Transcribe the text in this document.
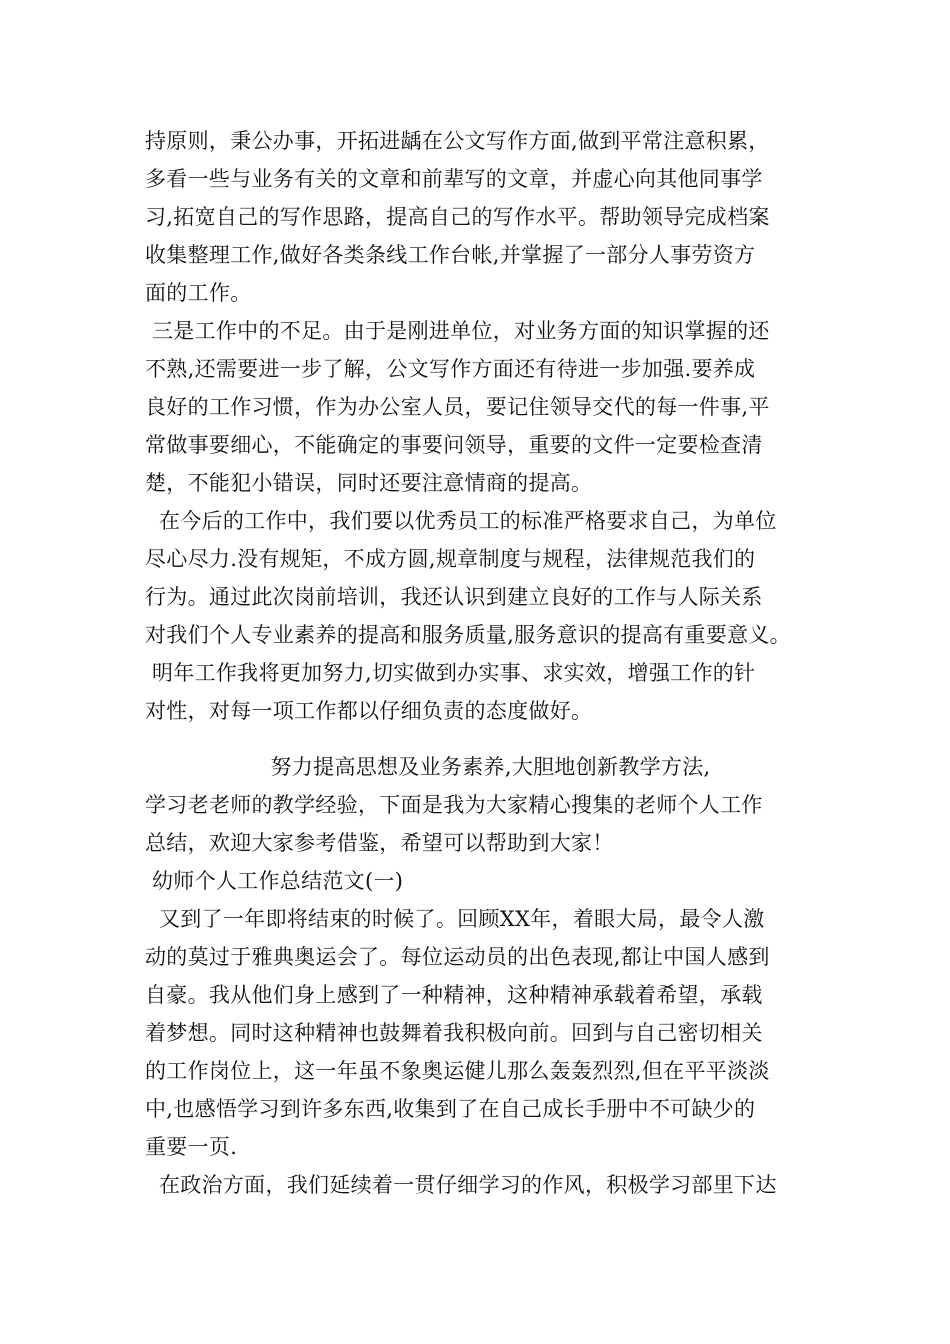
持原则，秉公办事，开拓进龋在公文写作方面,做到平常注意积累，
多看一些与业务有关的文章和前辈写的文章，并虚心向其他同事学
习,拓宽自己的写作思路，提高自己的写作水平。帮助领导完成档案
收集整理工作,做好各类条线工作台帐,并掌握了一部分人事劳资方
面的工作。
三是工作中的不足。由于是刚进单位，对业务方面的知识掌握的还
不熟,还需要进一步了解，公文写作方面还有待进一步加强.要养成
良好的工作习惯，作为办公室人员，要记住领导交代的每一件事,平
常做事要细心，不能确定的事要问领导，重要的文件一定要检查清
楚，不能犯小错误，同时还要注意情商的提高。
在今后的工作中，我们要以优秀员工的标准严格要求自己，为单位
尽心尽力.没有规矩，不成方圆,规章制度与规程，法律规范我们的
行为。通过此次岗前培训，我还认识到建立良好的工作与人际关系
对我们个人专业素养的提高和服务质量,服务意识的提高有重要意义。
明年工作我将更加努力,切实做到办实事、求实效，增强工作的针
对性，对每一项工作都以仔细负责的态度做好。
努力提高思想及业务素养,大胆地创新教学方法,
学习老老师的教学经验，下面是我为大家精心搜集的老师个人工作
总结，欢迎大家参考借鉴，希望可以帮助到大家！
幼师个人工作总结范文(一)
又到了一年即将结束的时候了。回顾XX年，着眼大局，最令人激
动的莫过于雅典奥运会了。每位运动员的出色表现,都让中国人感到
自豪。我从他们身上感到了一种精神，这种精神承载着希望，承载
着梦想。同时这种精神也鼓舞着我积极向前。回到与自己密切相关
的工作岗位上，这一年虽不象奥运健儿那么轰轰烈烈,但在平平淡淡
中,也感悟学习到许多东西,收集到了在自己成长手册中不可缺少的
重要一页.
在政治方面，我们延续着一贯仔细学习的作风，积极学习部里下达
